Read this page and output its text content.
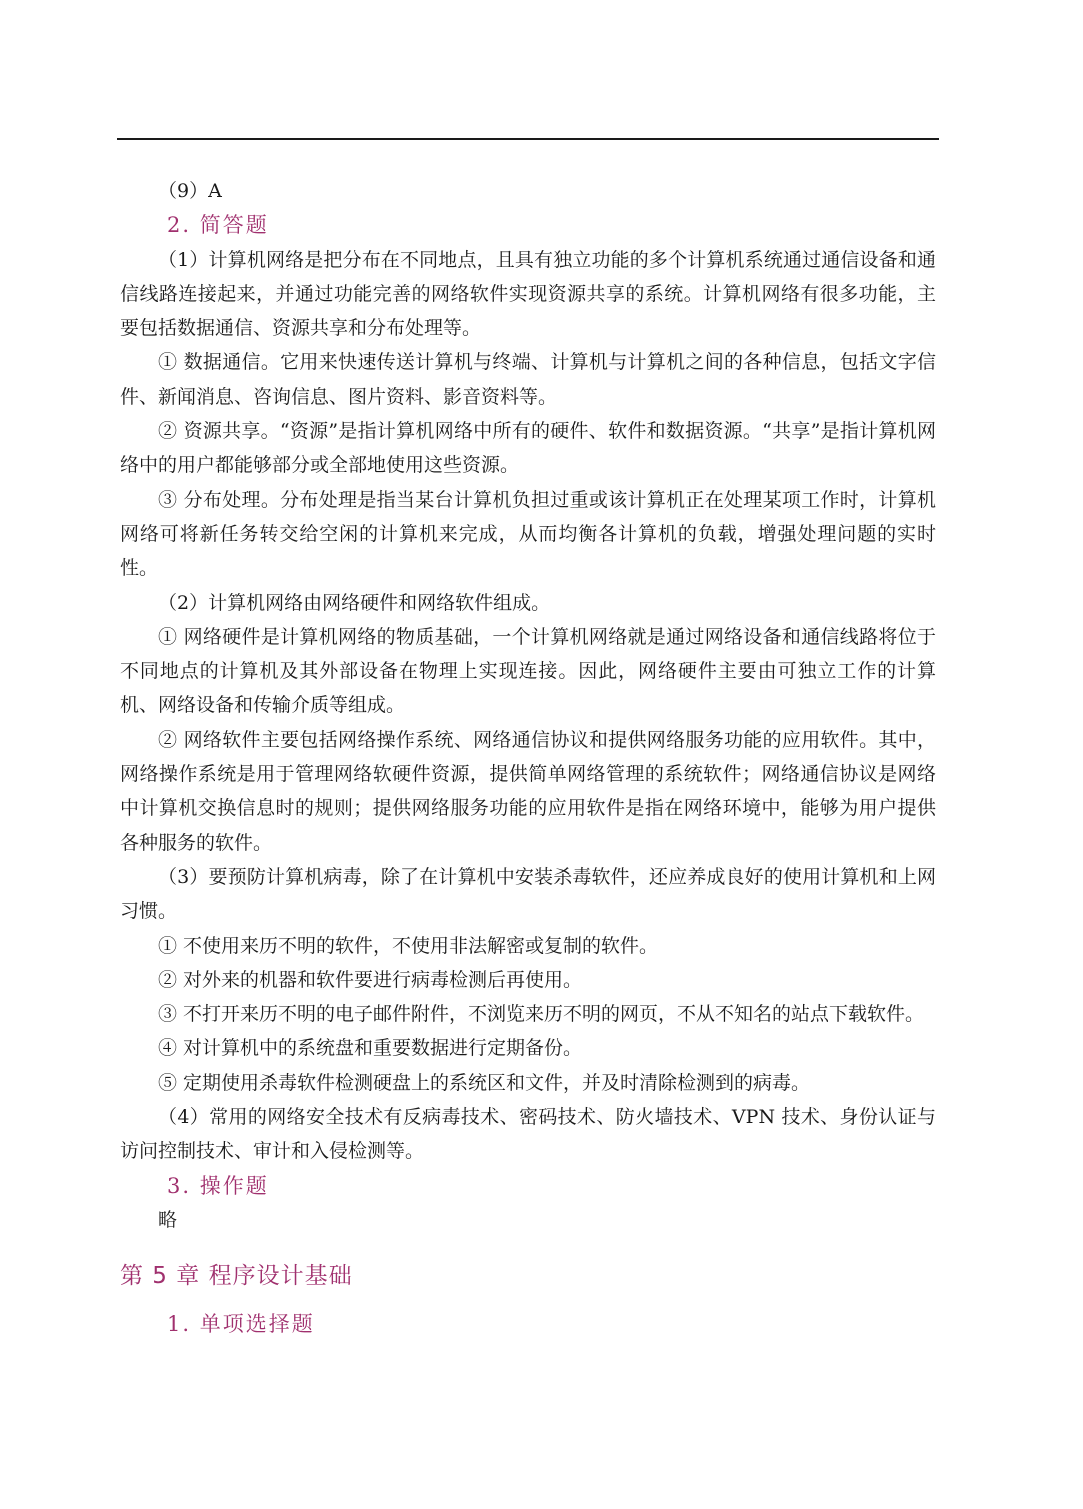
（9）A

2. 简答题

（1）计算机网络是把分布在不同地点，且具有独立功能的多个计算机系统通过通信设备和通信线路连接起来，并通过功能完善的网络软件实现资源共享的系统。计算机网络有很多功能，主要包括数据通信、资源共享和分布处理等。

① 数据通信。它用来快速传送计算机与终端、计算机与计算机之间的各种信息，包括文字信件、新闻消息、咨询信息、图片资料、影音资料等。

② 资源共享。“资源”是指计算机网络中所有的硬件、软件和数据资源。“共享”是指计算机网络中的用户都能够部分或全部地使用这些资源。

③ 分布处理。分布处理是指当某台计算机负担过重或该计算机正在处理某项工作时，计算机网络可将新任务转交给空闲的计算机来完成，从而均衡各计算机的负载，增强处理问题的实时性。

（2）计算机网络由网络硬件和网络软件组成。

① 网络硬件是计算机网络的物质基础，一个计算机网络就是通过网络设备和通信线路将位于不同地点的计算机及其外部设备在物理上实现连接。因此，网络硬件主要由可独立工作的计算机、网络设备和传输介质等组成。

② 网络软件主要包括网络操作系统、网络通信协议和提供网络服务功能的应用软件。其中，网络操作系统是用于管理网络软硬件资源，提供简单网络管理的系统软件；网络通信协议是网络中计算机交换信息时的规则；提供网络服务功能的应用软件是指在网络环境中，能够为用户提供各种服务的软件。

（3）要预防计算机病毒，除了在计算机中安装杀毒软件，还应养成良好的使用计算机和上网习惯。

① 不使用来历不明的软件，不使用非法解密或复制的软件。

② 对外来的机器和软件要进行病毒检测后再使用。

③ 不打开来历不明的电子邮件附件，不浏览来历不明的网页，不从不知名的站点下载软件。

④ 对计算机中的系统盘和重要数据进行定期备份。

⑤ 定期使用杀毒软件检测硬盘上的系统区和文件，并及时清除检测到的病毒。

（4）常用的网络安全技术有反病毒技术、密码技术、防火墙技术、VPN 技术、身份认证与访问控制技术、审计和入侵检测等。

3. 操作题

略

第 5 章 程序设计基础

1. 单项选择题
